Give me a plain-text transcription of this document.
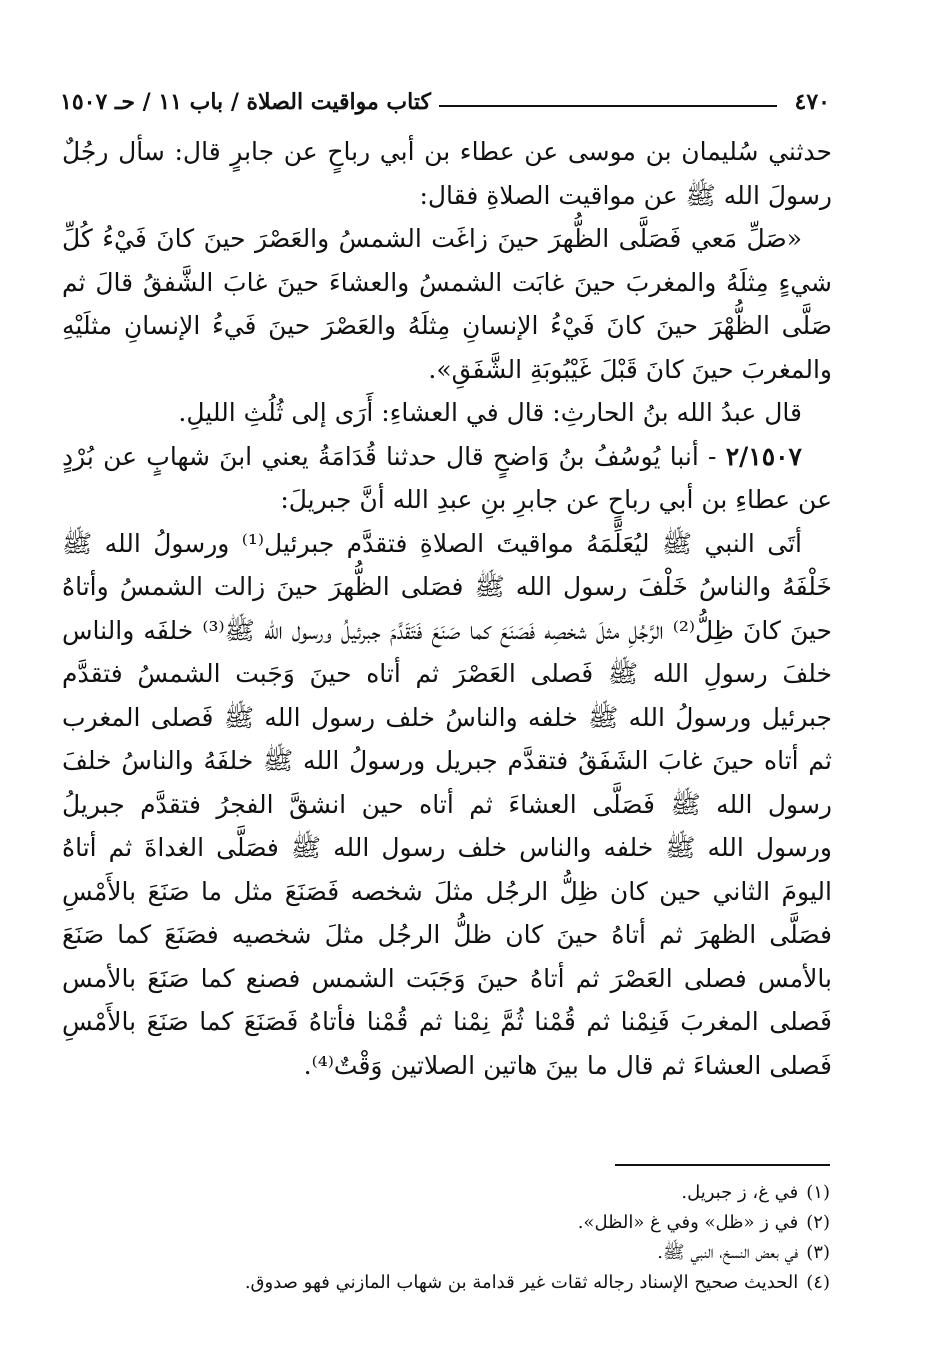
٤٧٠
كتاب مواقيت الصلاة / باب ١١ / حـ ١٥٠٧

حدثني سُليمان بن موسى عن عطاء بن أبي رباحٍ عن جابرٍ قال: سأل رجُلٌ رسولَ الله ﷺ عن مواقيت الصلاةِ فقال:

«صَلِّ مَعي فَصَلَّى الظُّهرَ حينَ زاغَت الشمسُ والعَصْرَ حينَ كانَ فَيْءُ كُلِّ شيءٍ مِثلَهُ والمغربَ حينَ غابَت الشمسُ والعشاءَ حينَ غابَ الشَّفقُ قالَ ثم صَلَّى الظُّهْرَ حينَ كانَ فَيْءُ الإنسانِ مِثلَهُ والعَصْرَ حينَ فَيءُ الإنسانِ مثلَيْهِ والمغربَ حينَ كانَ قَبْلَ غَيْبُوبَةِ الشَّفَقِ».

قال عبدُ الله بنُ الحارثِ: قال في العشاءِ: أَرَى إلى ثُلُثِ الليلِ.

٢/١٥٠٧ - أنبا يُوسُفُ بنُ وَاضحٍ قال حدثنا قُدَامَةُ يعني ابنَ شهابٍ عن بُرْدٍ عن عطاءِ بن أبي رباحٍ عن جابرِ بنِ عبدِ الله أنَّ جبريلَ:

أتَى النبي ﷺ ليُعَلِّمَهُ مواقيتَ الصلاةِ فتقدَّم جبرئيل⁽¹⁾ ورسولُ الله ﷺ خَلْفَهُ والناسُ خَلْفَ رسول الله ﷺ فصَلى الظُّهرَ حينَ زالت الشمسُ وأتاهُ حينَ كانَ ظِلُّ⁽²⁾ الرَّجُلِ مثلَ شخصِه فَصَنَعَ كما صَنَعَ فَتَقَدَّمَ جبرئيلُ ورسول الله ﷺ⁽³⁾ خلفَه والناس خلفَ رسولِ الله ﷺ فَصلى العَصْرَ ثم أتاه حينَ وَجَبت الشمسُ فتقدَّم جبرئيل ورسولُ الله ﷺ خلفه والناسُ خلف رسول الله ﷺ فَصلى المغرب ثم أتاه حينَ غابَ الشَفَقُ فتقدَّم جبريل ورسولُ الله ﷺ خلفَهُ والناسُ خلفَ رسول الله ﷺ فَصَلَّى العشاءَ ثم أتاه حين انشقَّ الفجرُ فتقدَّم جبريلُ ورسول الله ﷺ خلفه والناس خلف رسول الله ﷺ فصَلَّى الغداةَ ثم أتاهُ اليومَ الثاني حين كان ظِلُّ الرجُل مثلَ شخصه فَصَنَعَ مثل ما صَنَعَ بالأَمْسِ فصَلَّى الظهرَ ثم أتاهُ حينَ كان ظلُّ الرجُل مثلَ شخصيه فصَنَعَ كما صَنَعَ بالأمس فصلى العَصْرَ ثم أتاهُ حينَ وَجَبَت الشمس فصنع كما صَنَعَ بالأمس فَصلى المغربَ فَنِمْنا ثم قُمْنا ثُمَّ نِمْنا ثم قُمْنا فأتاهُ فَصَنَعَ كما صَنَعَ بالأَمْسِ فَصلى العشاءَ ثم قال ما بينَ هاتين الصلاتين وَقْتٌ⁽⁴⁾.

(١)
في غ، ز جبريل.
(٢)
في ز «ظل» وفي غ «الظل».
(٣)
في بعض النسخ، النبي ﷺ.
(٤)
الحديث صحيح الإسناد رجاله ثقات غير قدامة بن شهاب المازني فهو صدوق.
